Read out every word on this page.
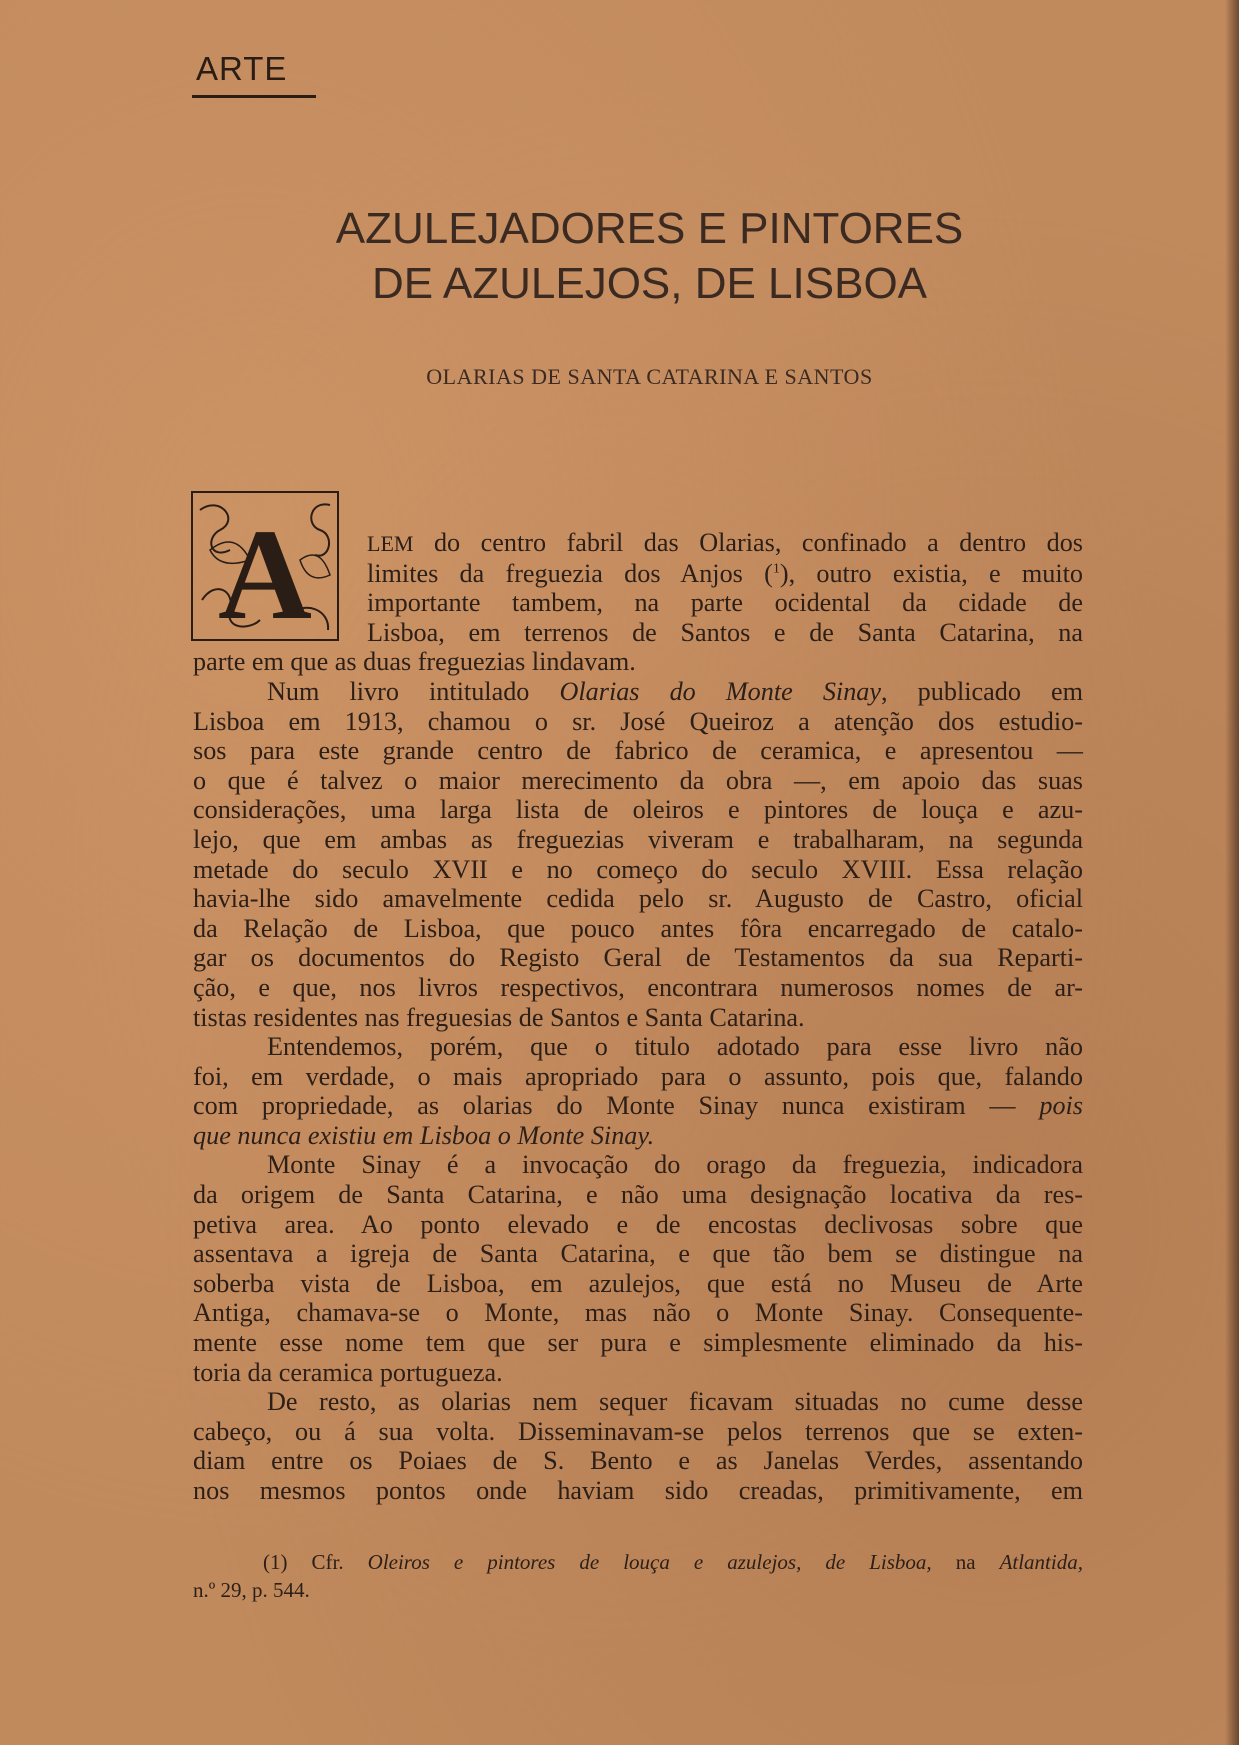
ARTE
AZULEJADORES E PINTORES
DE AZULEJOS, DE LISBOA
OLARIAS DE SANTA CATARINA E SANTOS
A	LEM do centro fabril das Olarias, confinado a dentro dos
limites da freguezia dos Anjos ($^1$), outro existia, e muito
importante tambem, na parte ocidental da cidade de
Lisboa, em terrenos de Santos e de Santa Catarina, na
parte em que as duas freguezias lindavam.
Num livro intitulado Olarias do Monte Sinay, publicado em
Lisboa em 1913, chamou o sr. José Queiroz a atenção dos estudio-
sos para este grande centro de fabrico de ceramica, e apresentou —
o que é talvez o maior merecimento da obra —, em apoio das suas
considerações, uma larga lista de oleiros e pintores de louça e azu-
lejo, que em ambas as freguezias viveram e trabalharam, na segunda
metade do seculo XVII e no começo do seculo XVIII. Essa relação
havia-lhe sido amavelmente cedida pelo sr. Augusto de Castro, oficial
da Relação de Lisboa, que pouco antes fôra encarregado de catalo-
gar os documentos do Registo Geral de Testamentos da sua Reparti-
ção, e que, nos livros respectivos, encontrara numerosos nomes de ar-
tistas residentes nas freguesias de Santos e Santa Catarina.
Entendemos, porém, que o titulo adotado para esse livro não
foi, em verdade, o mais apropriado para o assunto, pois que, falando
com propriedade, as olarias do Monte Sinay nunca existiram — pois
que nunca existiu em Lisboa o Monte Sinay.
Monte Sinay é a invocação do orago da freguezia, indicadora
da origem de Santa Catarina, e não uma designação locativa da res-
petiva area. Ao ponto elevado e de encostas declivosas sobre que
assentava a igreja de Santa Catarina, e que tão bem se distingue na
soberba vista de Lisboa, em azulejos, que está no Museu de Arte
Antiga, chamava-se o Monte, mas não o Monte Sinay. Consequente-
mente esse nome tem que ser pura e simplesmente eliminado da his-
toria da ceramica portugueza.
De resto, as olarias nem sequer ficavam situadas no cume desse
cabeço, ou á sua volta. Disseminavam-se pelos terrenos que se exten-
diam entre os Poiaes de S. Bento e as Janelas Verdes, assentando
nos mesmos pontos onde haviam sido creadas, primitivamente, em
(1) Cfr. Oleiros e pintores de louça e azulejos, de Lisboa, na Atlantida,
n.º 29, p. 544.
